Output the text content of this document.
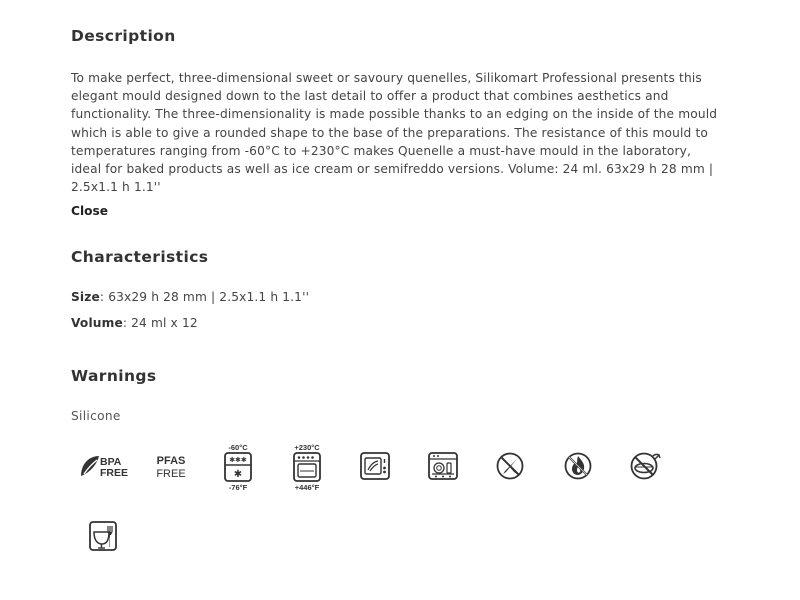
Description
To make perfect, three-dimensional sweet or savoury quenelles, Silikomart Professional presents this elegant mould designed down to the last detail to offer a product that combines aesthetics and functionality. The three-dimensionality is made possible thanks to an edging on the inside of the mould which is able to give a rounded shape to the base of the preparations. The resistance of this mould to temperatures ranging from -60°C to +230°C makes Quenelle a must-have mould in the laboratory, ideal for baked products as well as ice cream or semifreddo versions. Volume: 24 ml. 63x29 h 28 mm | 2.5x1.1 h 1.1''
Close
Characteristics
Size: 63x29 h 28 mm | 2.5x1.1 h 1.1''
Volume: 24 ml x 12
Warnings
Silicone
BPA
FREE
PFAS
FREE
-60°C
✱✱✱
✱
-76°F
+230°C
+446°F
